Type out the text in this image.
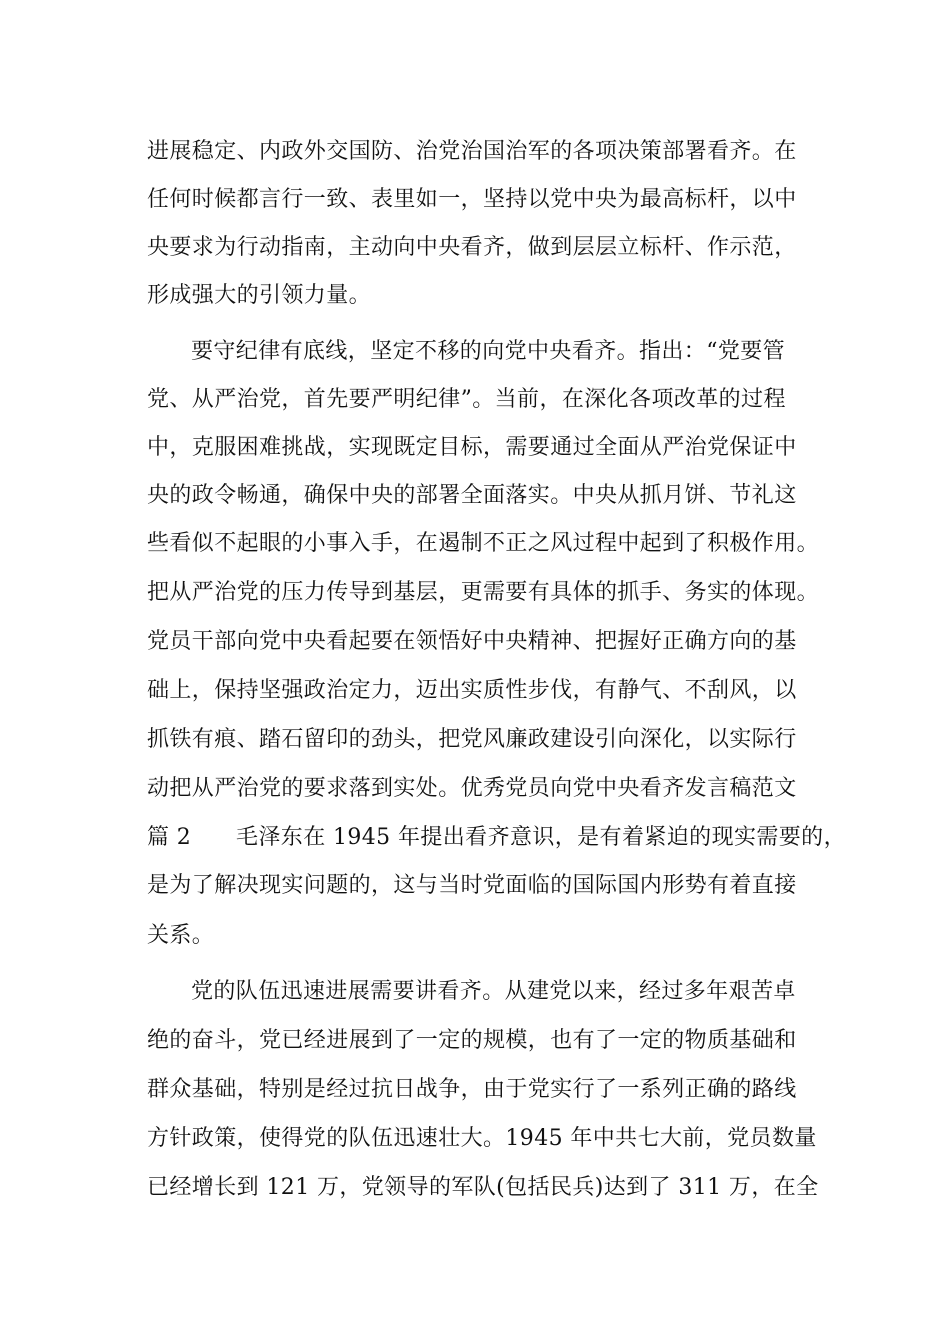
进展稳定、内政外交国防、治党治国治军的各项决策部署看齐。在
任何时候都言行一致、表里如一，坚持以党中央为最高标杆，以中
央要求为行动指南，主动向中央看齐，做到层层立标杆、作示范，
形成强大的引领力量。
要守纪律有底线，坚定不移的向党中央看齐。指出：“党要管
党、从严治党，首先要严明纪律”。当前，在深化各项改革的过程
中，克服困难挑战，实现既定目标，需要通过全面从严治党保证中
央的政令畅通，确保中央的部署全面落实。中央从抓月饼、节礼这
些看似不起眼的小事入手，在遏制不正之风过程中起到了积极作用。
把从严治党的压力传导到基层，更需要有具体的抓手、务实的体现。
党员干部向党中央看起要在领悟好中央精神、把握好正确方向的基
础上，保持坚强政治定力，迈出实质性步伐，有静气、不刮风，以
抓铁有痕、踏石留印的劲头，把党风廉政建设引向深化，以实际行
动把从严治党的要求落到实处。优秀党员向党中央看齐发言稿范文
篇 2　　毛泽东在 1945 年提出看齐意识，是有着紧迫的现实需要的，
是为了解决现实问题的，这与当时党面临的国际国内形势有着直接
关系。
党的队伍迅速进展需要讲看齐。从建党以来，经过多年艰苦卓
绝的奋斗，党已经进展到了一定的规模，也有了一定的物质基础和
群众基础，特别是经过抗日战争，由于党实行了一系列正确的路线
方针政策，使得党的队伍迅速壮大。1945 年中共七大前，党员数量
已经增长到 121 万，党领导的军队(包括民兵)达到了 311 万，在全
